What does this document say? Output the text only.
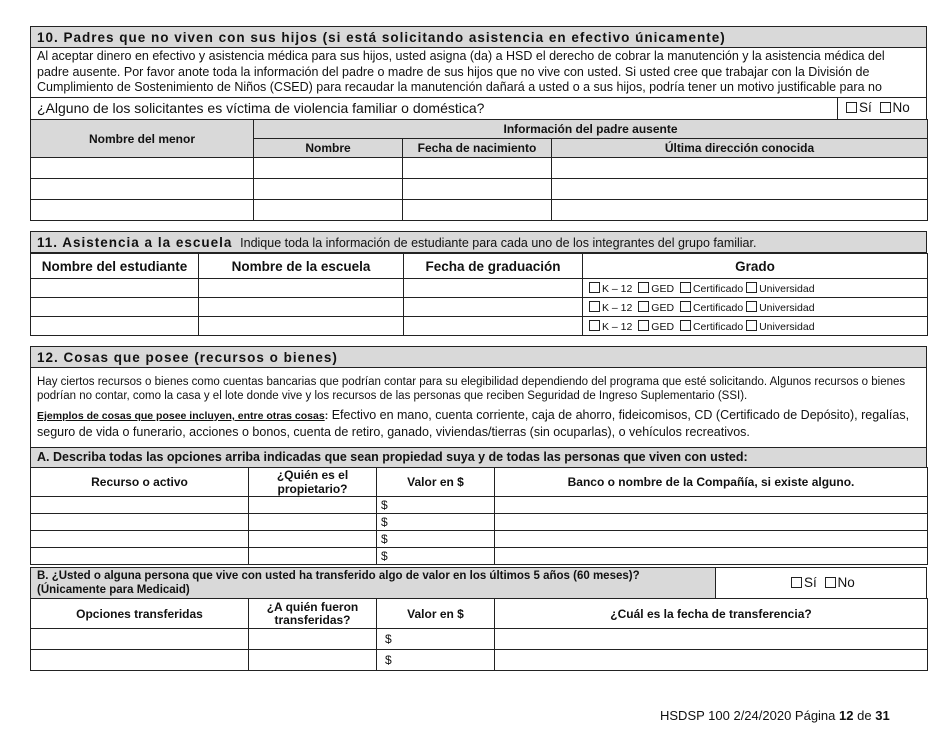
10. Padres que no viven con sus hijos (si está solicitando asistencia en efectivo únicamente)
Al aceptar dinero en efectivo y asistencia médica para sus hijos, usted asigna (da) a HSD el derecho de cobrar la manutención y la asistencia médica del padre ausente. Por favor anote toda la información del padre o madre de sus hijos que no vive con usted. Si usted cree que trabajar con la División de Cumplimiento de Sostenimiento de Niños (CSED) para recaudar la manutención dañará a usted o a sus hijos, podría tener un motivo justificable para no
¿Alguno de los solicitantes es víctima de violencia familiar o doméstica?	Sí No
Nombre del menor	Información del padre ausente		
	Nombre	Fecha de nacimiento	Última dirección conocida

11. Asistencia a la escuela Indique toda la información de estudiante para cada uno de los integrantes del grupo familiar.
Nombre del estudiante	Nombre de la escuela	Fecha de graduación	Grado
			K – 12 GED Certificado Universidad
			K – 12 GED Certificado Universidad
			K – 12 GED Certificado Universidad
12. Cosas que posee (recursos o bienes)
Hay ciertos recursos o bienes como cuentas bancarias que podrían contar para su elegibilidad dependiendo del programa que esté solicitando. Algunos recursos o bienes podrían no contar, como la casa y el lote donde vive y los recursos de las personas que reciben Seguridad de Ingreso Suplementario (SSI).
Ejemplos de cosas que posee incluyen, entre otras cosas: Efectivo en mano, cuenta corriente, caja de ahorro, fideicomisos, CD (Certificado de Depósito), regalías, seguro de vida o funerario, acciones o bonos, cuenta de retiro, ganado, viviendas/tierras (sin ocuparlas), o vehículos recreativos.
A. Describa todas las opciones arriba indicadas que sean propiedad suya y de todas las personas que viven con usted:
Recurso o activo	¿Quién es el propietario?	Valor en $	Banco o nombre de la Compañía, si existe alguno.
		$	
		$	
		$	
		$	
B. ¿Usted o alguna persona que vive con usted ha transferido algo de valor en los últimos 5 años (60 meses)?
(Únicamente para Medicaid)	Sí No
Opciones transferidas	¿A quién fueron transferidas?	Valor en $	¿Cuál es la fecha de transferencia?
		$	
		$	
HSDSP 100 2/24/2020 Página 12 de 31
